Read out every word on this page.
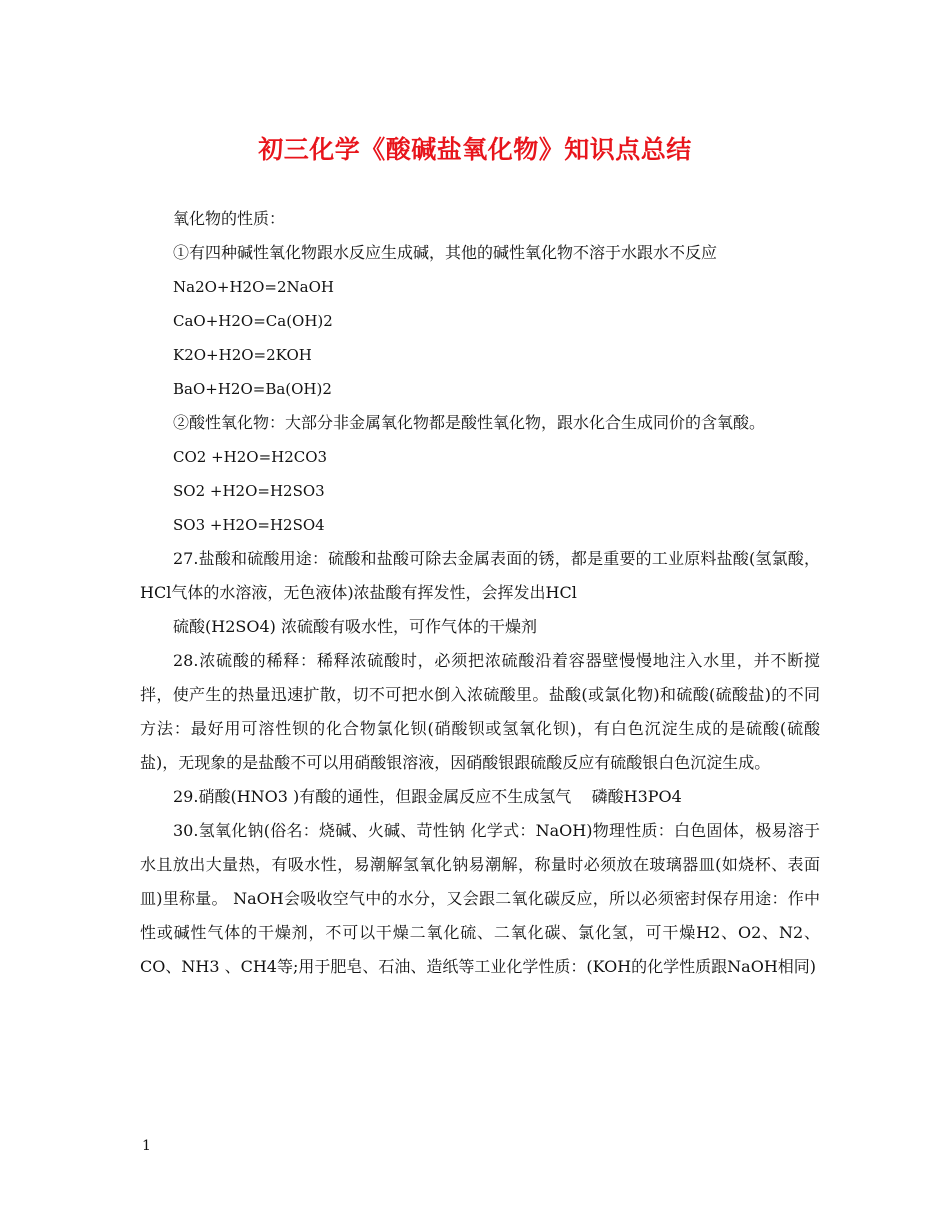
初三化学《酸碱盐氧化物》知识点总结

氧化物的性质：

①有四种碱性氧化物跟水反应生成碱，其他的碱性氧化物不溶于水跟水不反应

Na2O+H2O=2NaOH

CaO+H2O=Ca(OH)2

K2O+H2O=2KOH

BaO+H2O=Ba(OH)2

②酸性氧化物：大部分非金属氧化物都是酸性氧化物，跟水化合生成同价的含氧酸。

CO2 +H2O=H2CO3

SO2 +H2O=H2SO3

SO3 +H2O=H2SO4

27.盐酸和硫酸用途：硫酸和盐酸可除去金属表面的锈，都是重要的工业原料盐酸(氢氯酸，HCl气体的水溶液，无色液体)浓盐酸有挥发性，会挥发出HCl

硫酸(H2SO4) 浓硫酸有吸水性，可作气体的干燥剂

28.浓硫酸的稀释：稀释浓硫酸时，必须把浓硫酸沿着容器壁慢慢地注入水里，并不断搅拌，使产生的热量迅速扩散，切不可把水倒入浓硫酸里。盐酸(或氯化物)和硫酸(硫酸盐)的不同方法：最好用可溶性钡的化合物氯化钡(硝酸钡或氢氧化钡)，有白色沉淀生成的是硫酸(硫酸盐)，无现象的是盐酸不可以用硝酸银溶液，因硝酸银跟硫酸反应有硫酸银白色沉淀生成。

29.硝酸(HNO3 )有酸的通性，但跟金属反应不生成氢气    磷酸H3PO4

30.氢氧化钠(俗名：烧碱、火碱、苛性钠 化学式：NaOH)物理性质：白色固体，极易溶于水且放出大量热，有吸水性，易潮解氢氧化钠易潮解，称量时必须放在玻璃器皿(如烧杯、表面皿)里称量。 NaOH会吸收空气中的水分，又会跟二氧化碳反应，所以必须密封保存用途：作中性或碱性气体的干燥剂，不可以干燥二氧化硫、二氧化碳、氯化氢，可干燥H2、O2、N2、CO、NH3 、CH4等;用于肥皂、石油、造纸等工业化学性质：(KOH的化学性质跟NaOH相同)

1
